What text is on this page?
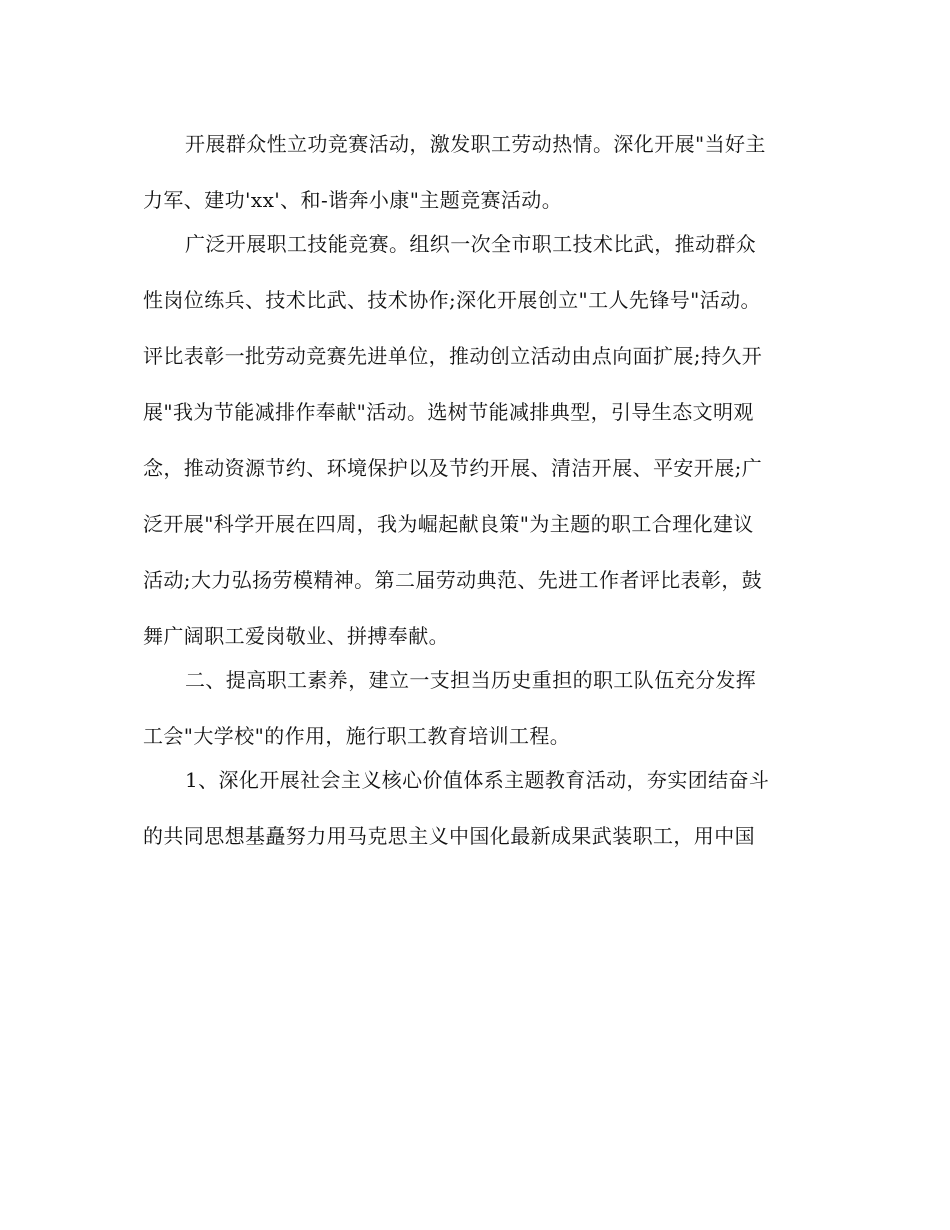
开展群众性立功竞赛活动，激发职工劳动热情。深化开展"当好主
力军、建功'xx'、和-谐奔小康"主题竞赛活动。
广泛开展职工技能竞赛。组织一次全市职工技术比武，推动群众
性岗位练兵、技术比武、技术协作;深化开展创立"工人先锋号"活动。
评比表彰一批劳动竞赛先进单位，推动创立活动由点向面扩展;持久开
展"我为节能减排作奉献"活动。选树节能减排典型，引导生态文明观
念，推动资源节约、环境保护以及节约开展、清洁开展、平安开展;广
泛开展"科学开展在四周，我为崛起献良策"为主题的职工合理化建议
活动;大力弘扬劳模精神。第二届劳动典范、先进工作者评比表彰，鼓
舞广阔职工爱岗敬业、拼搏奉献。
二、提高职工素养，建立一支担当历史重担的职工队伍充分发挥
工会"大学校"的作用，施行职工教育培训工程。
1、深化开展社会主义核心价值体系主题教育活动，夯实团结奋斗
的共同思想基矗努力用马克思主义中国化最新成果武装职工，用中国
